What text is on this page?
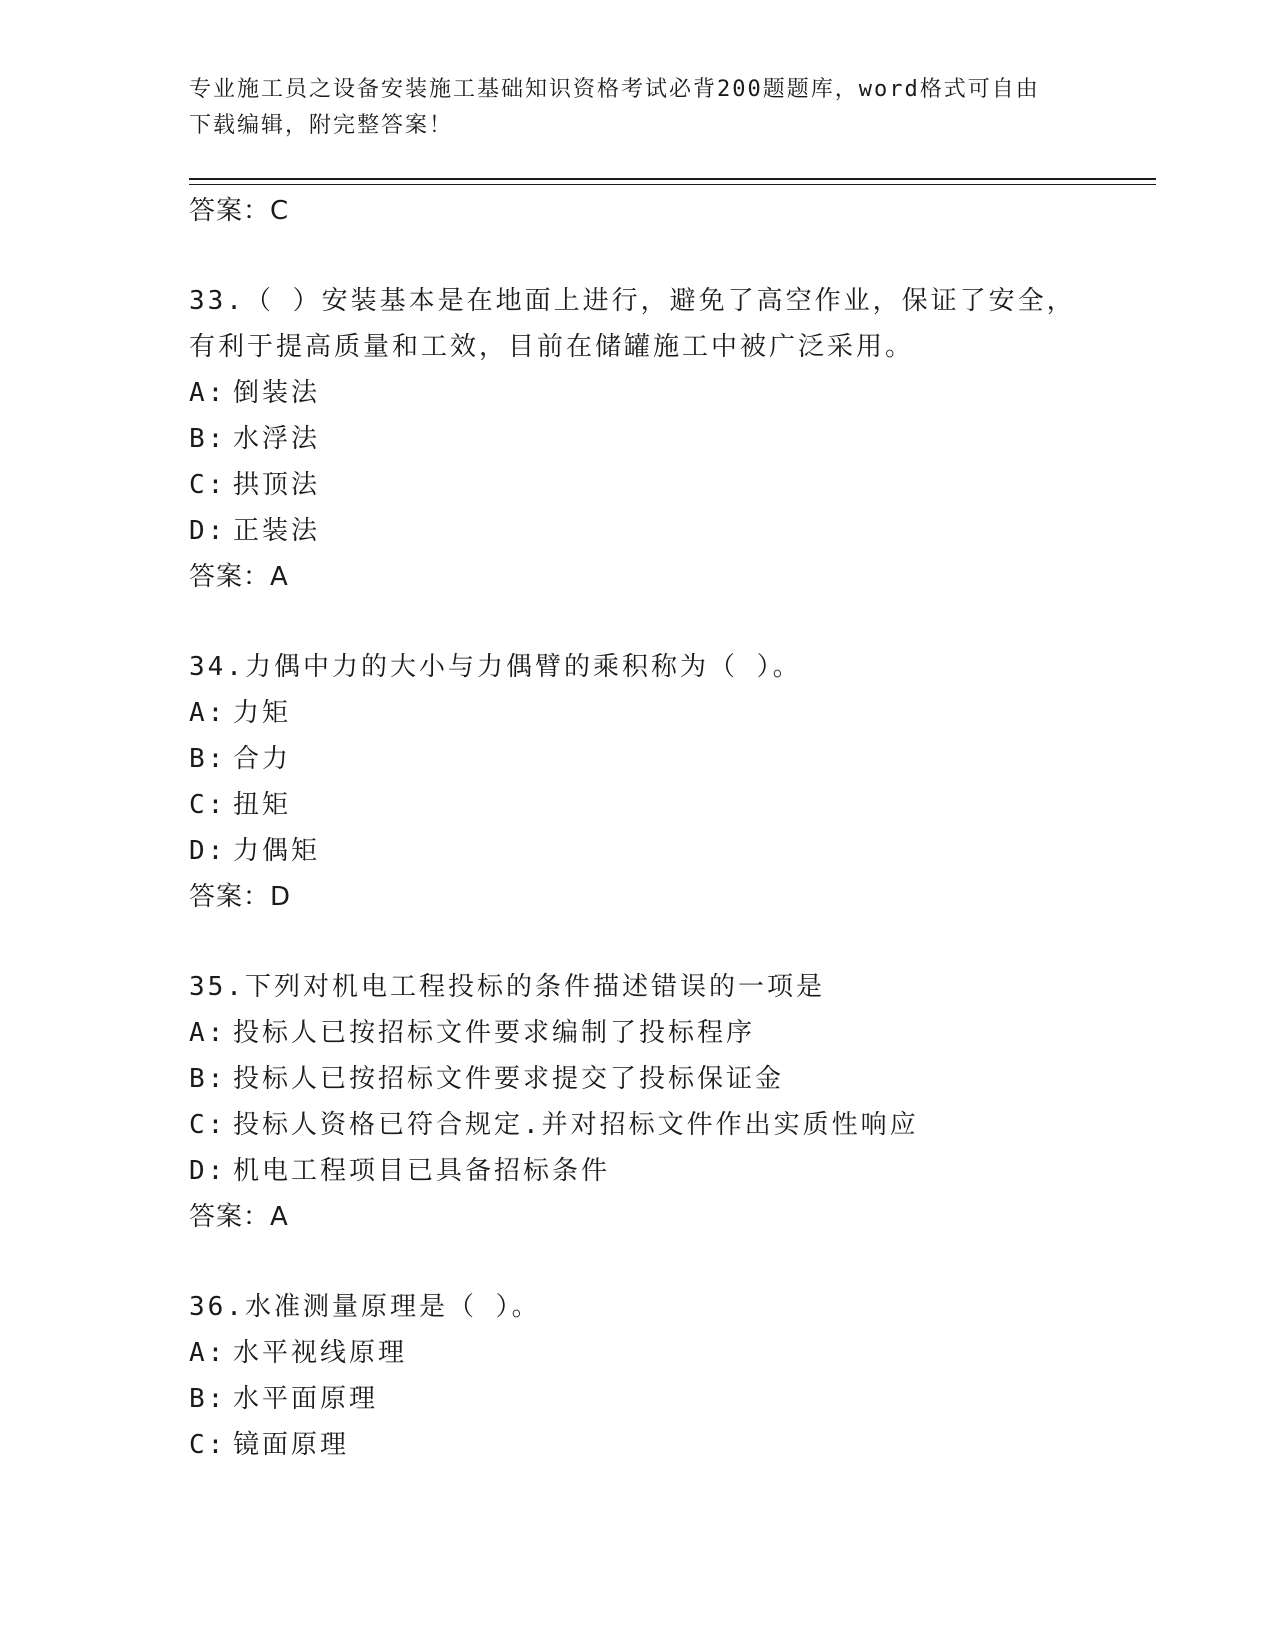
专业施工员之设备安装施工基础知识资格考试必背200题题库，word格式可自由
下载编辑，附完整答案！
答案：C
33.（ ）安装基本是在地面上进行，避免了高空作业，保证了安全，
有利于提高质量和工效，目前在储罐施工中被广泛采用。
A: 倒装法
B: 水浮法
C: 拱顶法
D: 正装法
答案：A
34.力偶中力的大小与力偶臂的乘积称为（ ）。
A: 力矩
B: 合力
C: 扭矩
D: 力偶矩
答案：D
35.下列对机电工程投标的条件描述错误的一项是
A: 投标人已按招标文件要求编制了投标程序
B: 投标人已按招标文件要求提交了投标保证金
C: 投标人资格已符合规定.并对招标文件作出实质性响应
D: 机电工程项目已具备招标条件
答案：A
36.水准测量原理是（ ）。
A: 水平视线原理
B: 水平面原理
C: 镜面原理
